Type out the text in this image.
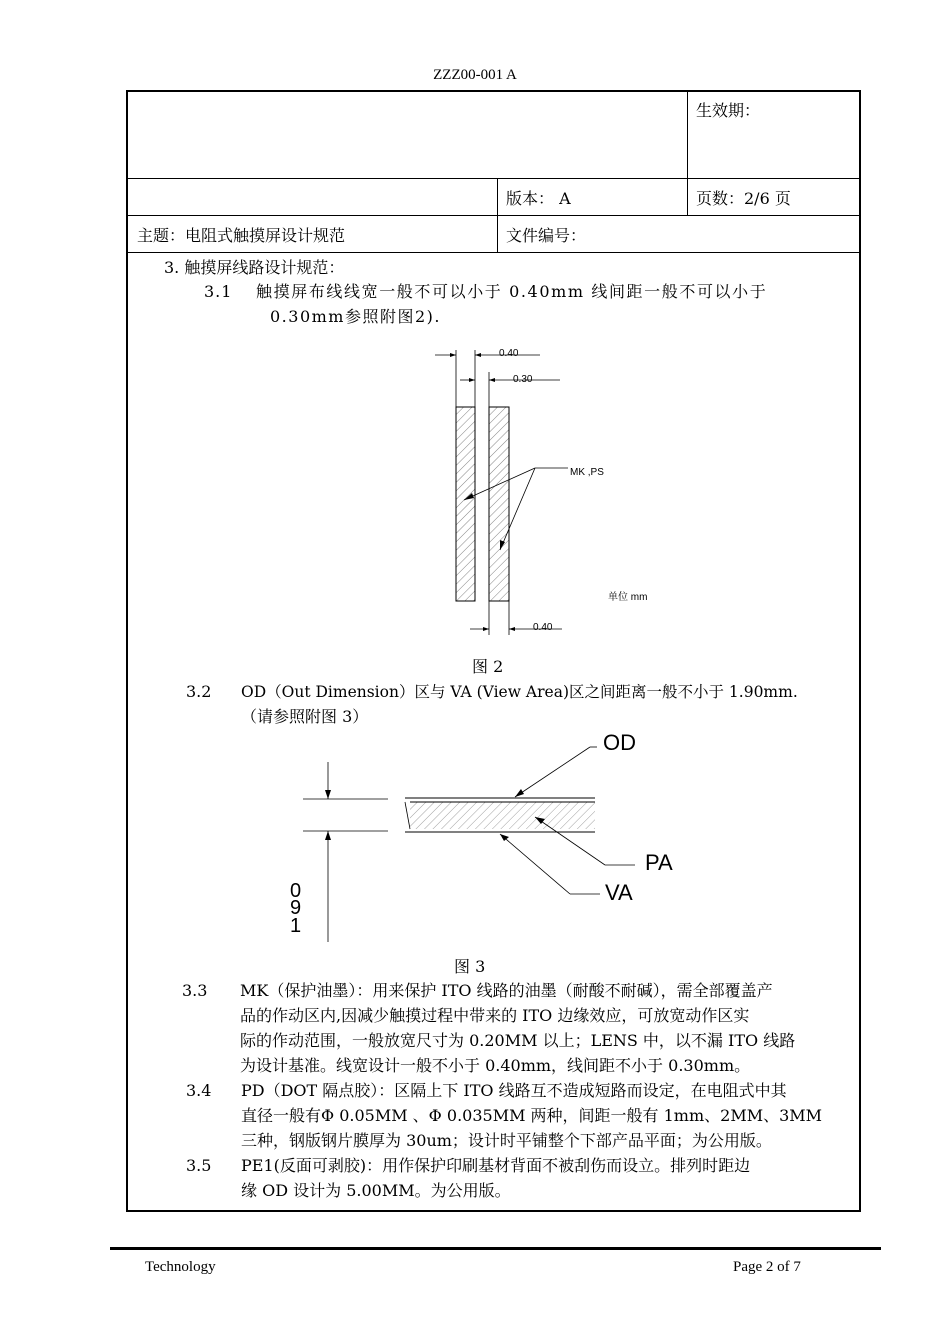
ZZZ00-001 A
生效期：
版本： A	页数：2/6 页
主题：电阻式触摸屏设计规范	文件编号：
3. 触摸屏线路设计规范：
3.1 触摸屏布线线宽一般不可以小于 0.40mm 线间距一般不可以小于
0.30mm参照附图2).
0.40
0.30
0.40
MK ,PS
单位 mm
图 2
3.2 OD（Out Dimension）区与 VA (View Area)区之间距离一般不小于 1.90mm.
（请参照附图 3）
OD
PA
VA
0
9
1
图 3
3.3 MK（保护油墨）：用来保护 ITO 线路的油墨（耐酸不耐碱），需全部覆盖产
品的作动区内,因减少触摸过程中带来的 ITO 边缘效应，可放宽动作区实
际的作动范围，一般放宽尺寸为 0.20MM 以上；LENS 中，以不漏 ITO 线路
为设计基准。线宽设计一般不小于 0.40mm，线间距不小于 0.30mm。
3.4 PD（DOT 隔点胶）：区隔上下 ITO 线路互不造成短路而设定，在电阻式中其
直径一般有Φ 0.05MM 、Φ 0.035MM 两种，间距一般有 1mm、2MM、3MM
三种，钢版钢片膜厚为 30um；设计时平铺整个下部产品平面；为公用版。
3.5 PE1(反面可剥胶)：用作保护印刷基材背面不被刮伤而设立。排列时距边
缘 OD 设计为 5.00MM。为公用版。
Technology	Page 2 of 7
